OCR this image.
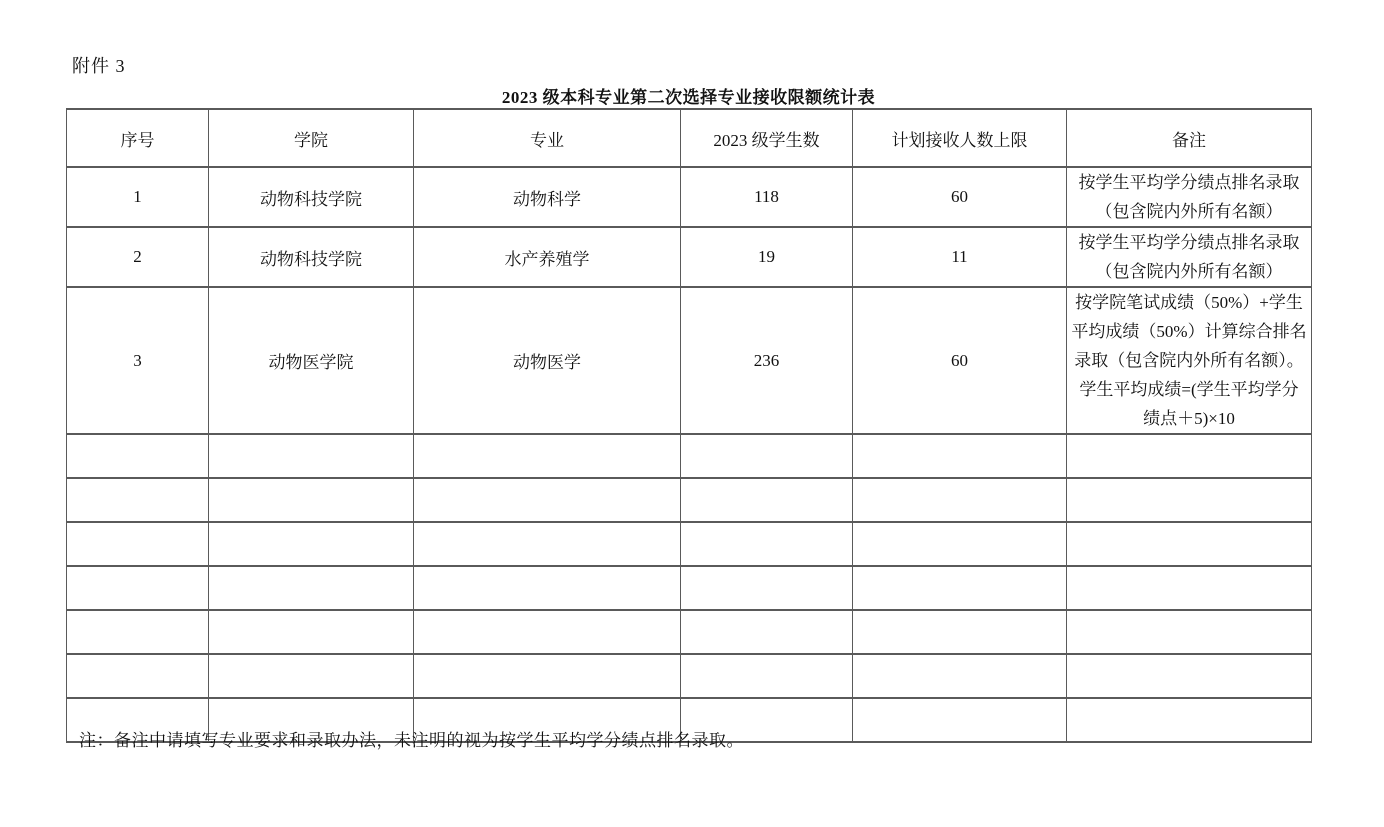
附件 3
2023 级本科专业第二次选择专业接收限额统计表
序号	学院	专业	2023 级学生数	计划接收人数上限	备注
1	动物科技学院	动物科学	118	60	按学生平均学分绩点排名录取（包含院内外所有名额）
2	动物科技学院	水产养殖学	19	11	按学生平均学分绩点排名录取（包含院内外所有名额）
3	动物医学院	动物医学	236	60	按学院笔试成绩（50%）+学生平均成绩（50%）计算综合排名录取（包含院内外所有名额）。学生平均成绩=(学生平均学分绩点＋5)×10

注：备注中请填写专业要求和录取办法，未注明的视为按学生平均学分绩点排名录取。
